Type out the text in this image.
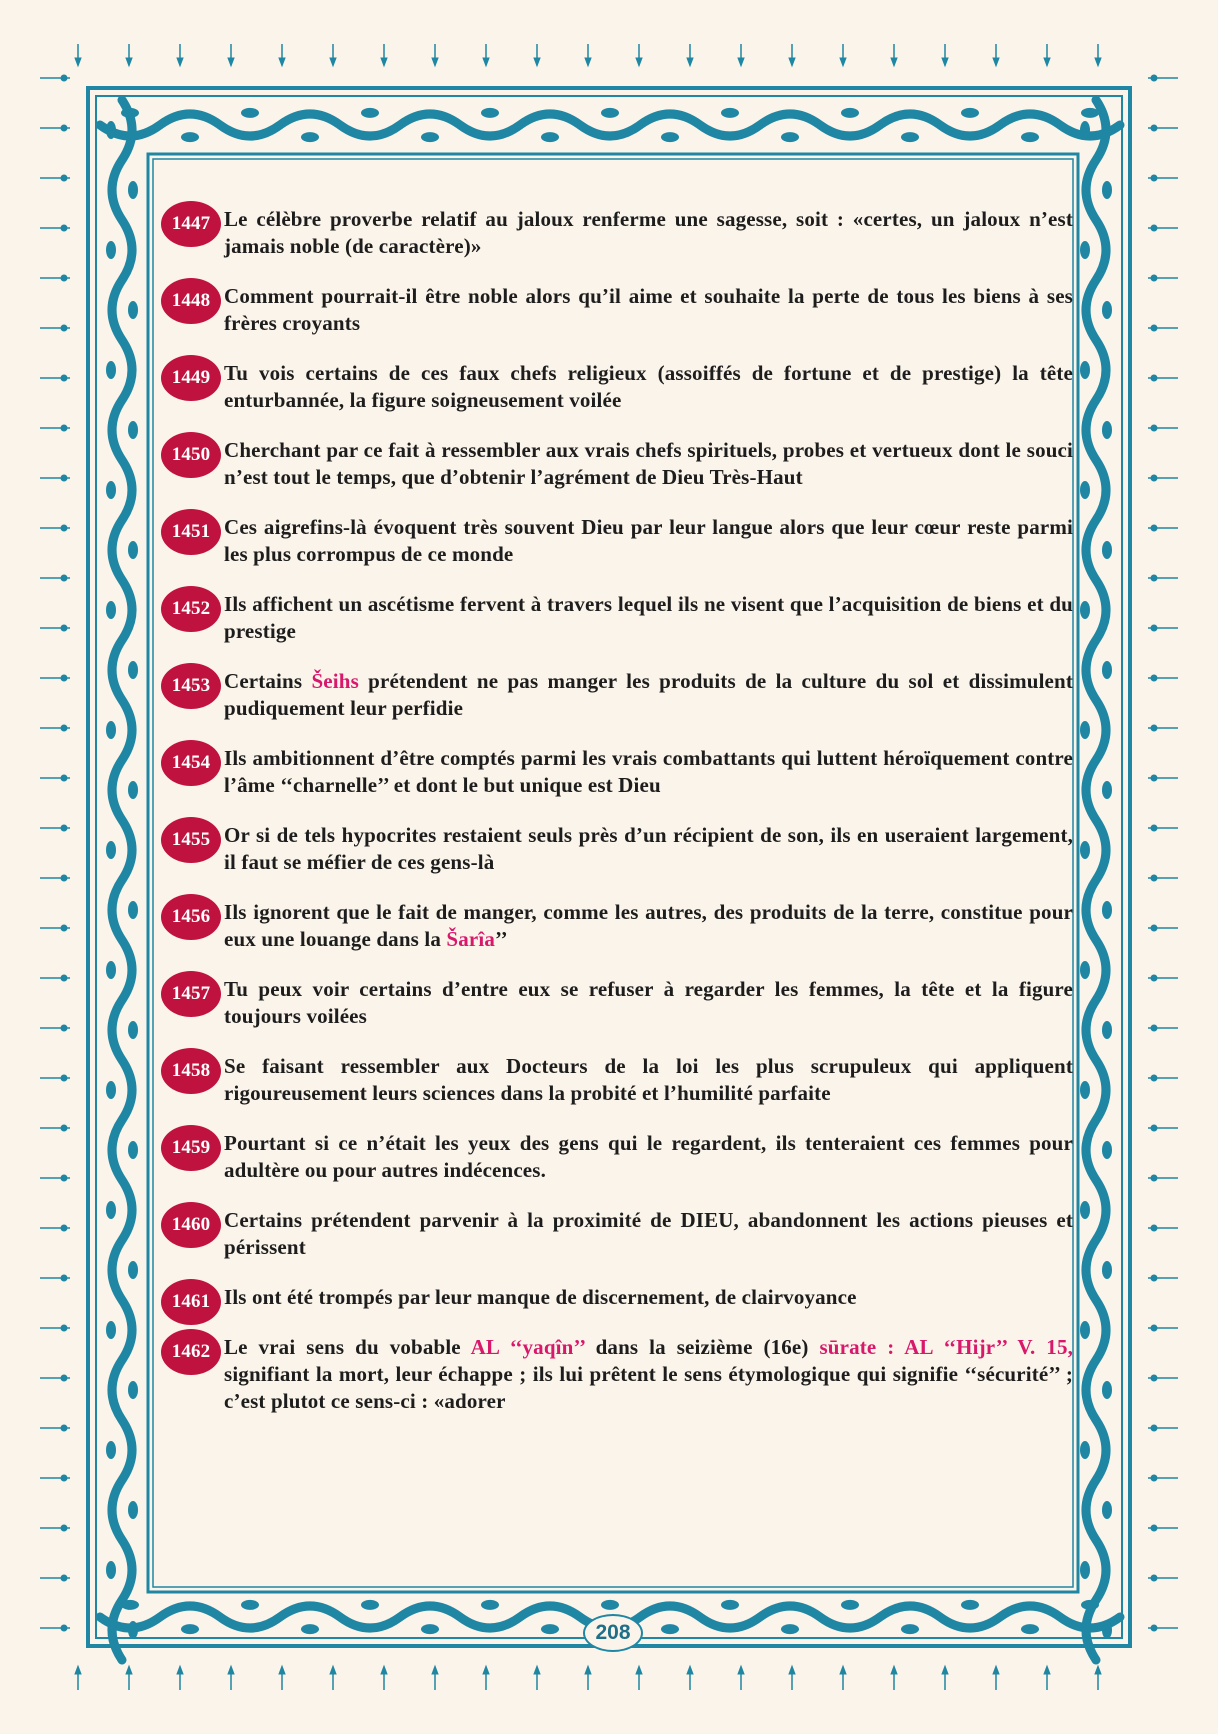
1447 Le célèbre proverbe relatif au jaloux renferme une sagesse, soit : «certes, un jaloux n’est jamais noble (de caractère)»
1448 Comment pourrait-il être noble alors qu’il aime et souhaite la perte de tous les biens à ses frères croyants
1449 Tu vois certains de ces faux chefs religieux (assoiffés de fortune et de prestige) la tête enturbannée, la figure soigneusement voilée
1450 Cherchant par ce fait à ressembler aux vrais chefs spirituels, probes et vertueux dont le souci n’est tout le temps, que d’obtenir l’agrément de Dieu Très-Haut
1451 Ces aigrefins-là évoquent très souvent Dieu par leur langue alors que leur cœur reste parmi les plus corrompus de ce monde
1452 Ils affichent un ascétisme fervent à travers lequel ils ne visent que l’acquisition de biens et du prestige
1453 Certains Šeihs prétendent ne pas manger les produits de la culture du sol et dissimulent pudiquement leur perfidie
1454 Ils ambitionnent d’être comptés parmi les vrais combattants qui luttent héroïquement contre l’âme ‘‘charnelle’’ et dont le but unique est Dieu
1455 Or si de tels hypocrites restaient seuls près d’un récipient de son, ils en useraient largement, il faut se méfier de ces gens-là
1456 Ils ignorent que le fait de manger, comme les autres, des produits de la terre, constitue pour eux une louange dans la Šarîa’’
1457 Tu peux voir certains d’entre eux se refuser à regarder les femmes, la tête et la figure toujours voilées
1458 Se faisant ressembler aux Docteurs de la loi les plus scrupuleux qui appliquent rigoureusement leurs sciences dans la probité et l’humilité parfaite
1459 Pourtant si ce n’était les yeux des gens qui le regardent, ils tenteraient ces femmes pour adultère ou pour autres indécences.
1460 Certains prétendent parvenir à la proximité de DIEU, abandonnent les actions pieuses et périssent
1461 Ils ont été trompés par leur manque de discernement, de clairvoyance
1462 Le vrai sens du vobable AL ‘‘yaqîn’’ dans la seizième (16e) sūrate : AL ‘‘Hijr’’ V. 15, signifiant la mort, leur échappe ; ils lui prêtent le sens étymologique qui signifie ‘‘sécurité’’ ; c’est plutot ce sens-ci : «adorer
208
